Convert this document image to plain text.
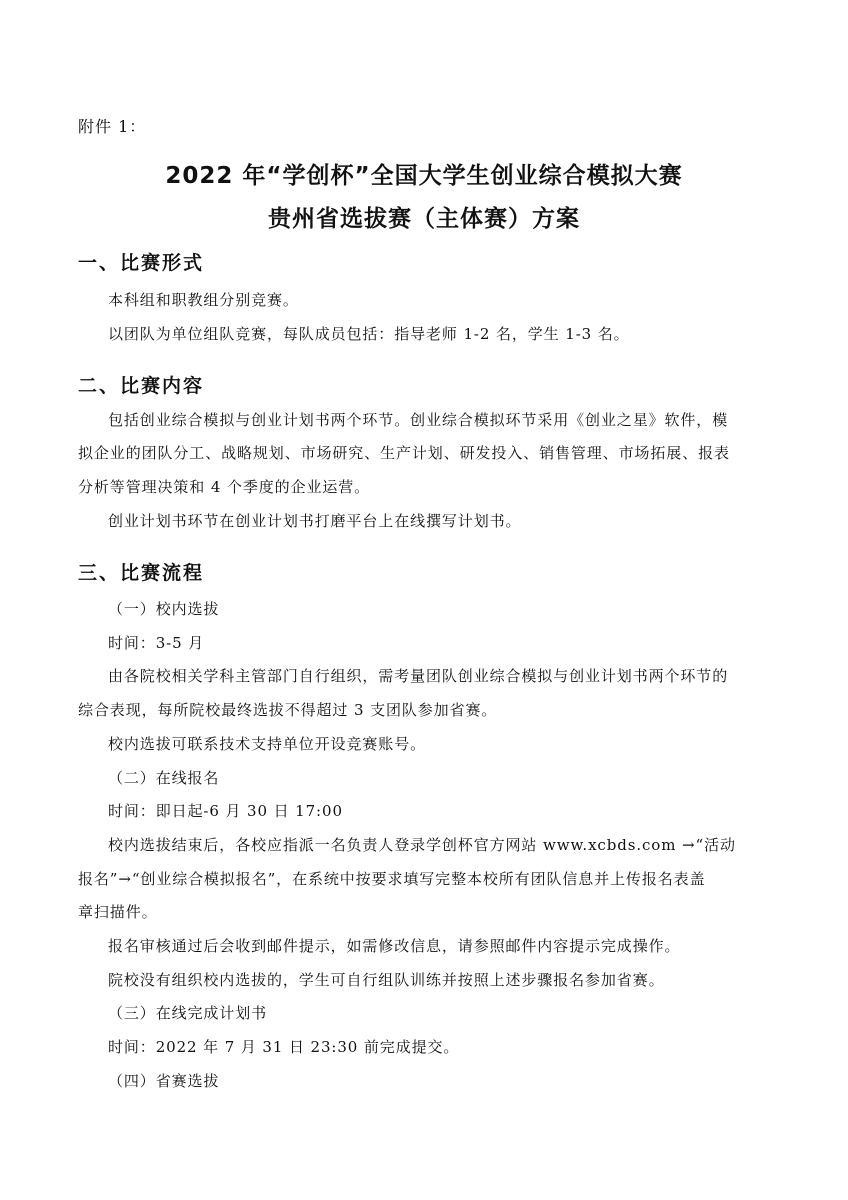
附件 1：
2022 年“学创杯”全国大学生创业综合模拟大赛
贵州省选拔赛（主体赛）方案
一、比赛形式
本科组和职教组分别竞赛。
以团队为单位组队竞赛，每队成员包括：指导老师 1-2 名，学生 1-3 名。
二、比赛内容
包括创业综合模拟与创业计划书两个环节。创业综合模拟环节采用《创业之星》软件，模
拟企业的团队分工、战略规划、市场研究、生产计划、研发投入、销售管理、市场拓展、报表
分析等管理决策和 4 个季度的企业运营。
创业计划书环节在创业计划书打磨平台上在线撰写计划书。
三、比赛流程
（一）校内选拔
时间：3-5 月
由各院校相关学科主管部门自行组织，需考量团队创业综合模拟与创业计划书两个环节的
综合表现，每所院校最终选拔不得超过 3 支团队参加省赛。
校内选拔可联系技术支持单位开设竞赛账号。
（二）在线报名
时间：即日起-6 月 30 日 17:00
校内选拔结束后，各校应指派一名负责人登录学创杯官方网站 www.xcbds.com →“活动
报名”→“创业综合模拟报名”，在系统中按要求填写完整本校所有团队信息并上传报名表盖
章扫描件。
报名审核通过后会收到邮件提示，如需修改信息，请参照邮件内容提示完成操作。
院校没有组织校内选拔的，学生可自行组队训练并按照上述步骤报名参加省赛。
（三）在线完成计划书
时间：2022 年 7 月 31 日 23:30 前完成提交。
（四）省赛选拔
